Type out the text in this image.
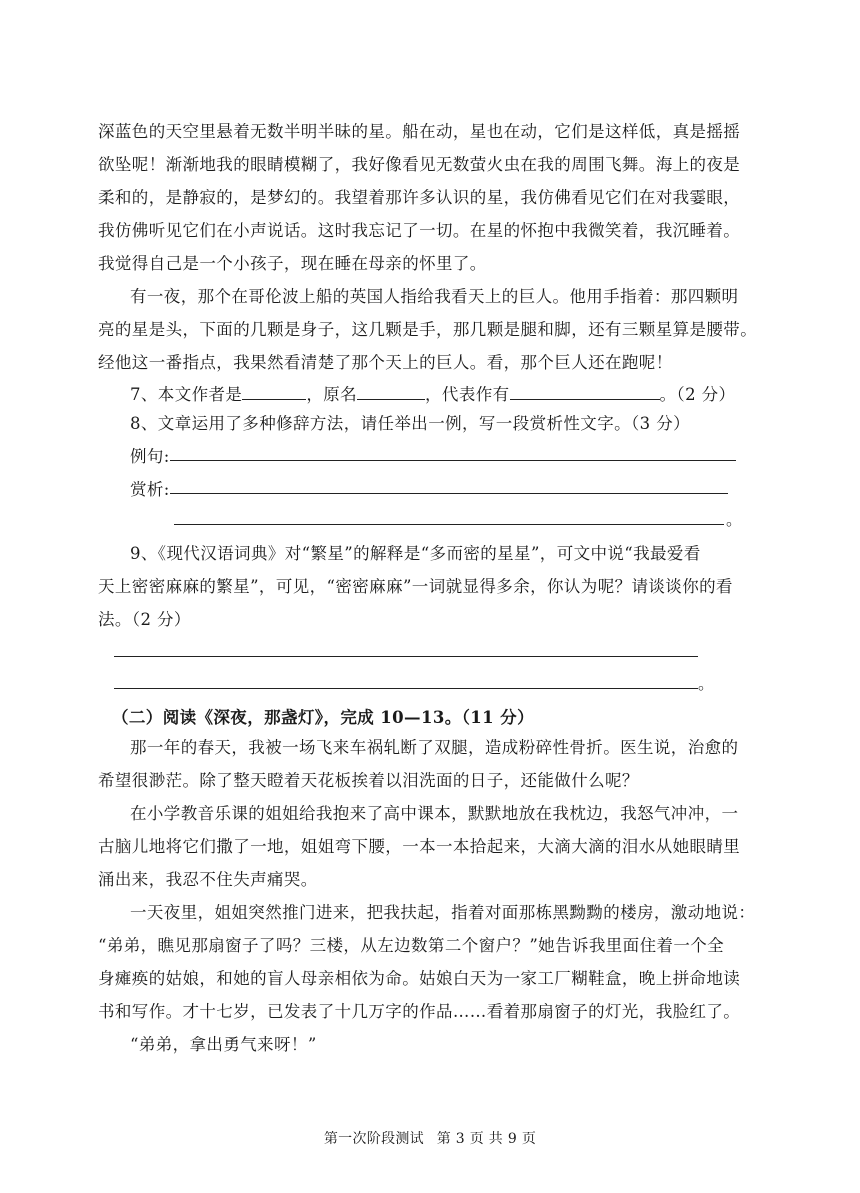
深蓝色的天空里悬着无数半明半昧的星。船在动，星也在动，它们是这样低，真是摇摇
欲坠呢！渐渐地我的眼睛模糊了，我好像看见无数萤火虫在我的周围飞舞。海上的夜是
柔和的，是静寂的，是梦幻的。我望着那许多认识的星，我仿佛看见它们在对我霎眼，
我仿佛听见它们在小声说话。这时我忘记了一切。在星的怀抱中我微笑着，我沉睡着。
我觉得自己是一个小孩子，现在睡在母亲的怀里了。
有一夜，那个在哥伦波上船的英国人指给我看天上的巨人。他用手指着：那四颗明
亮的星是头，下面的几颗是身子，这几颗是手，那几颗是腿和脚，还有三颗星算是腰带。
经他这一番指点，我果然看清楚了那个天上的巨人。看，那个巨人还在跑呢！
7、本文作者是	，原名	，代表作有	。（2 分）
8、文章运用了多种修辞方法，请任举出一例，写一段赏析性文字。（3 分）
例句:
赏析:
。
9、《现代汉语词典》对“繁星”的解释是“多而密的星星”，可文中说“我最爱看
天上密密麻麻的繁星”，可见，“密密麻麻”一词就显得多余，你认为呢？请谈谈你的看
法。（2 分）
。
（二）阅读《深夜，那盏灯》，完成 10—13。（11 分）
那一年的春天，我被一场飞来车祸轧断了双腿，造成粉碎性骨折。医生说，治愈的
希望很渺茫。除了整天瞪着天花板挨着以泪洗面的日子，还能做什么呢？
在小学教音乐课的姐姐给我抱来了高中课本，默默地放在我枕边，我怒气冲冲，一
古脑儿地将它们撒了一地，姐姐弯下腰，一本一本拾起来，大滴大滴的泪水从她眼睛里
涌出来，我忍不住失声痛哭。
一天夜里，姐姐突然推门进来，把我扶起，指着对面那栋黑黝黝的楼房，激动地说：
“弟弟，瞧见那扇窗子了吗？三楼，从左边数第二个窗户？”她告诉我里面住着一个全
身瘫痪的姑娘，和她的盲人母亲相依为命。姑娘白天为一家工厂糊鞋盒，晚上拼命地读
书和写作。才十七岁，已发表了十几万字的作品……看着那扇窗子的灯光，我脸红了。
“弟弟，拿出勇气来呀！”
第一次阶段测试 第 3 页 共 9 页
